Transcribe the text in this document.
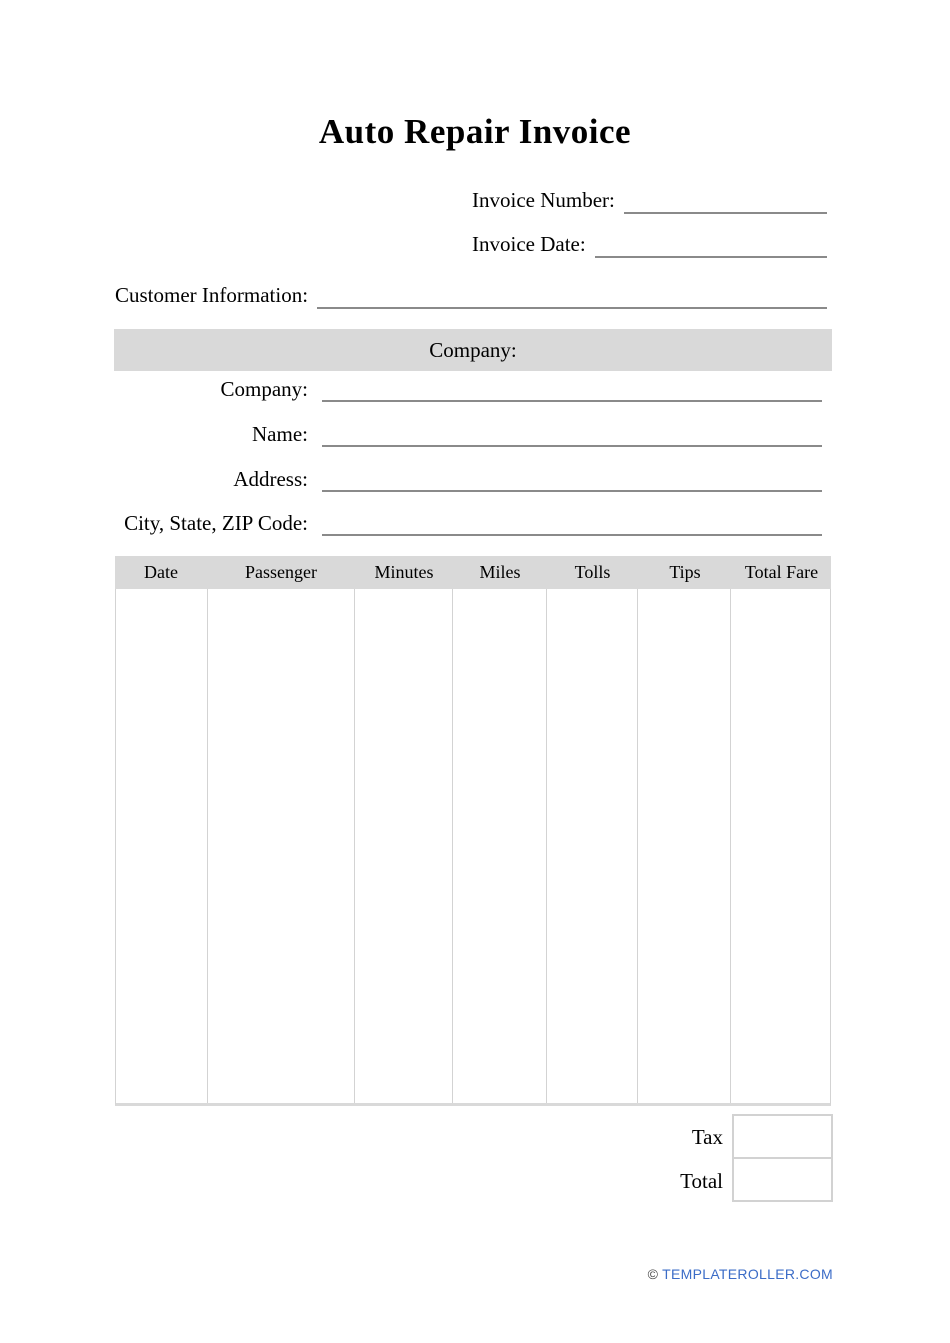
Auto Repair Invoice
Invoice Number:
Invoice Date:
Customer Information:
Company:
Company:
Name:
Address:
City, State, ZIP Code:
Date	Passenger	Minutes	Miles	Tolls	Tips	Total Fare
Tax
Total
© TEMPLATEROLLER.COM
